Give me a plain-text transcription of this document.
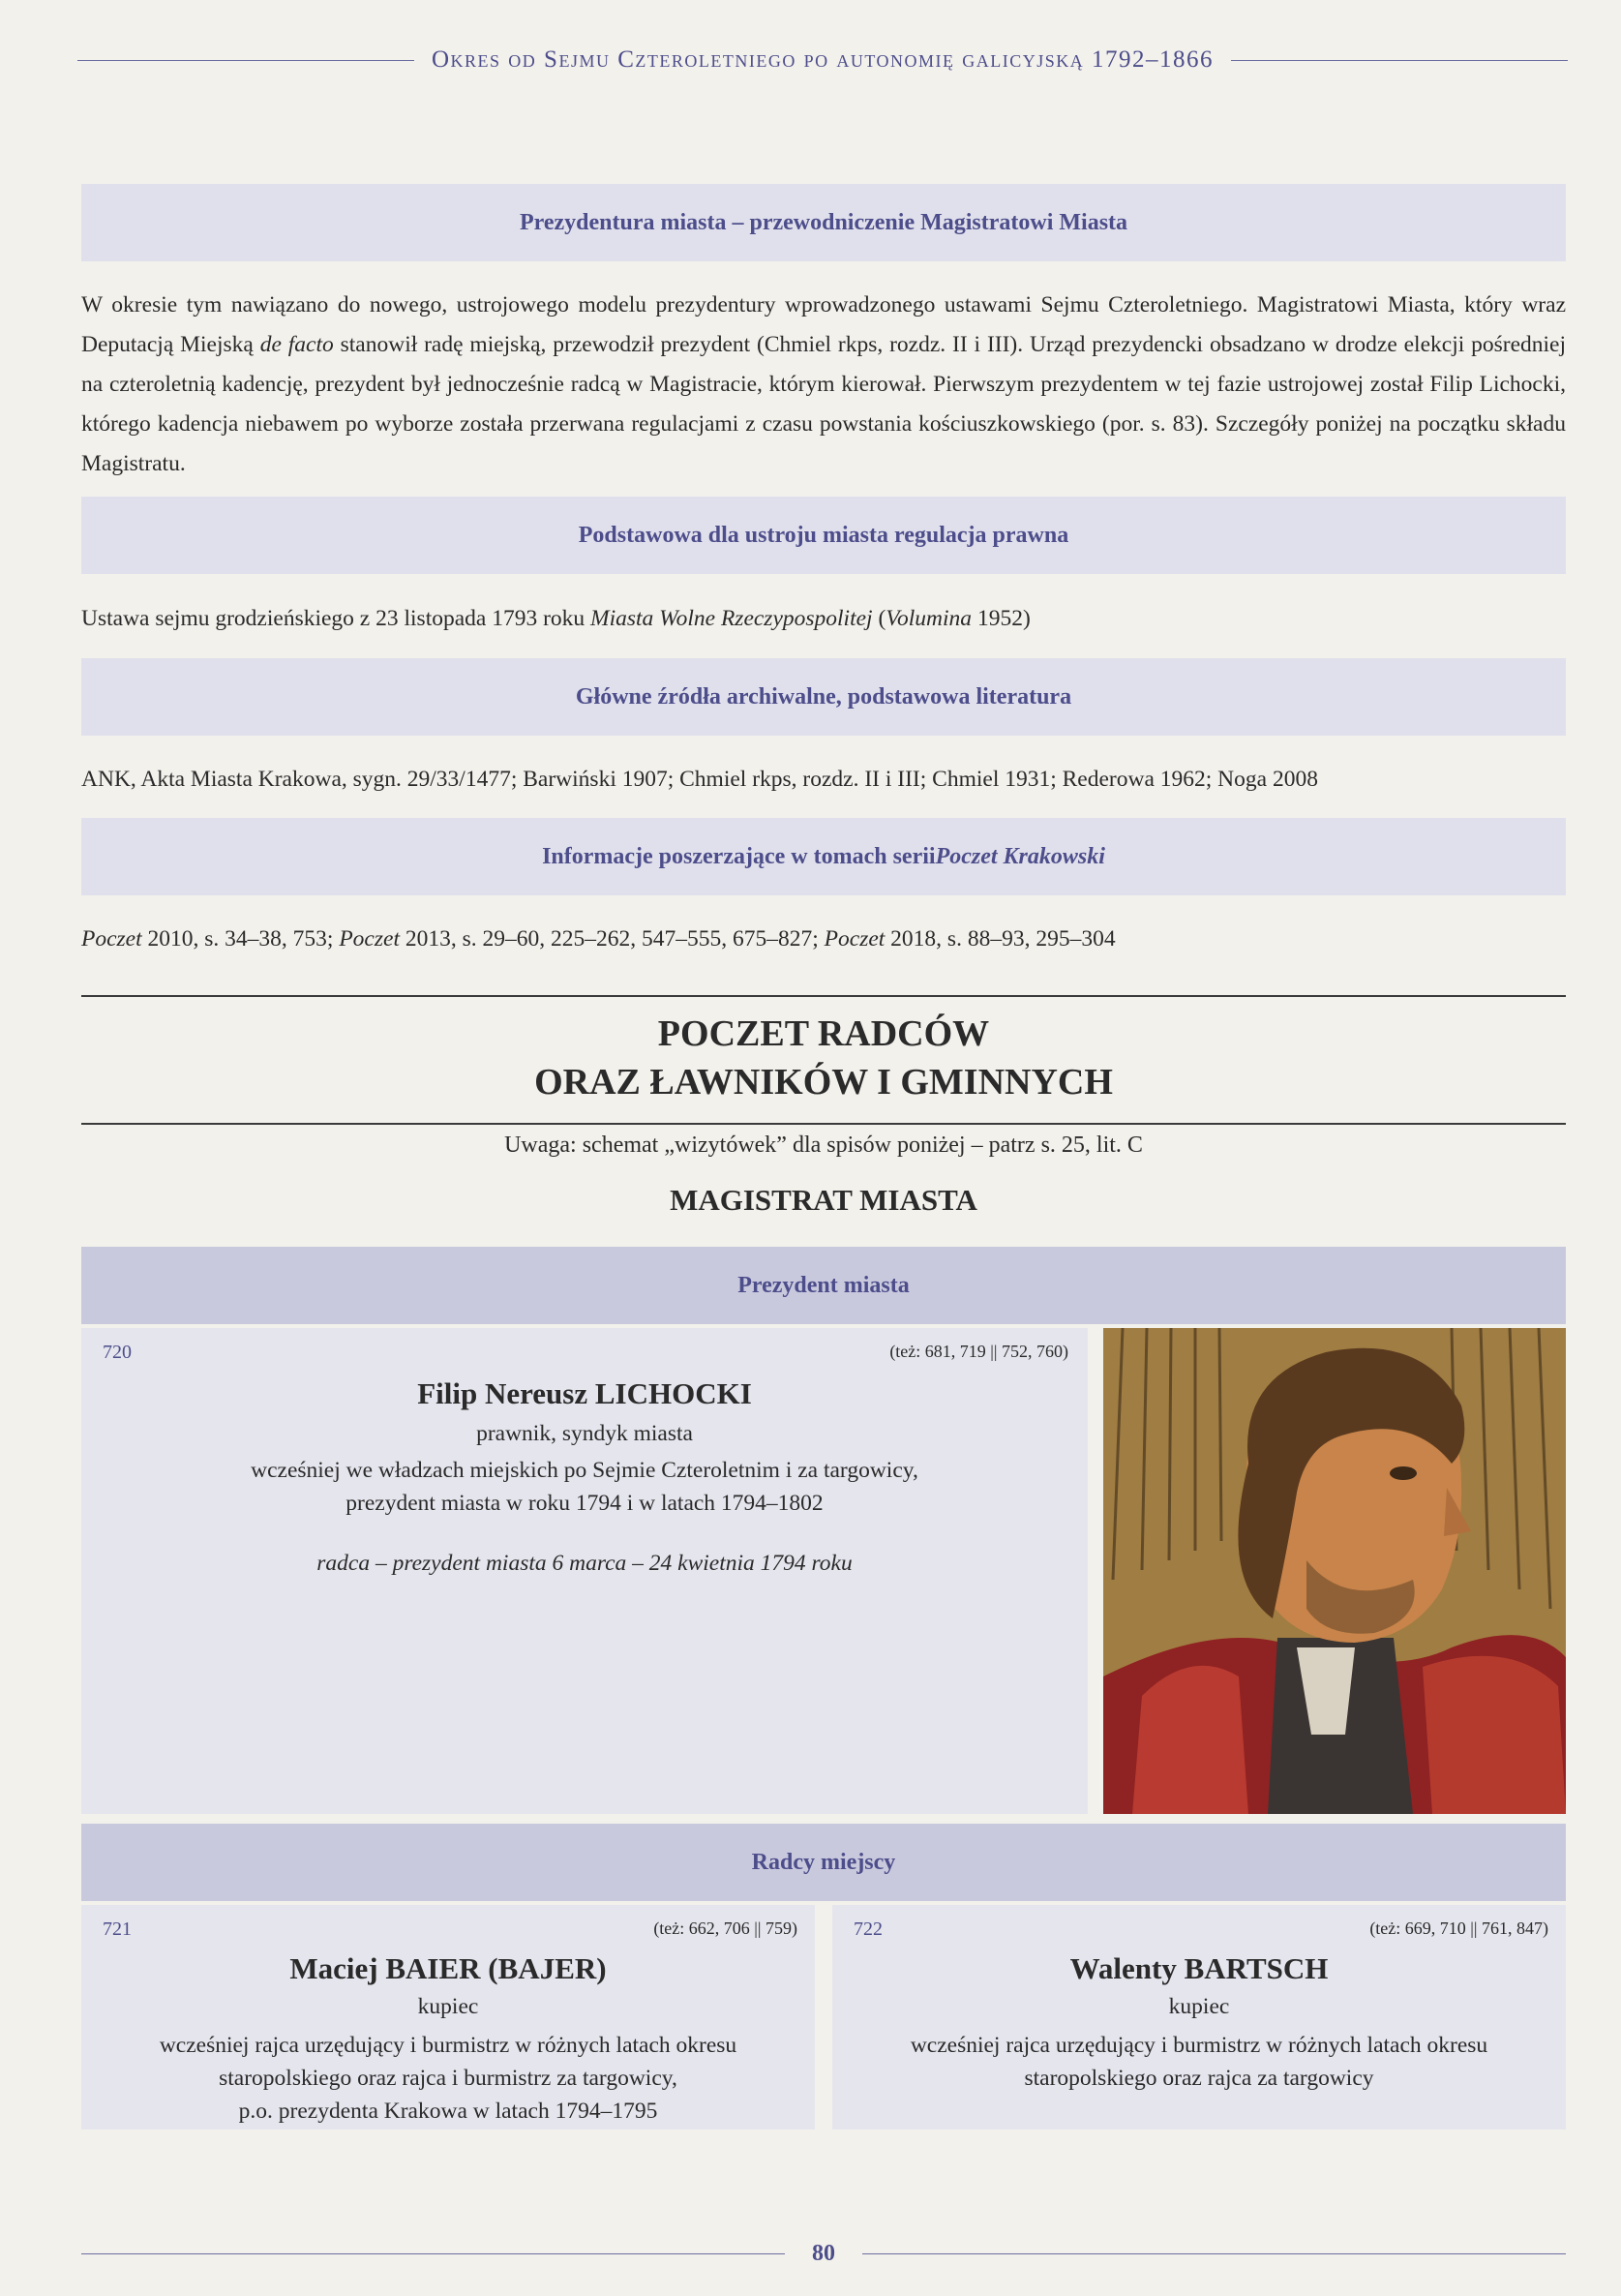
Okres od Sejmu Czteroletniego po autonomię galicyjską 1792–1866
Prezydentura miasta – przewodniczenie Magistratowi Miasta
W okresie tym nawiązano do nowego, ustrojowego modelu prezydentury wprowadzonego ustawami Sejmu Czteroletniego. Magistratowi Miasta, który wraz Deputacją Miejską de facto stanowił radę miejską, przewodził prezydent (Chmiel rkps, rozdz. II i III). Urząd prezydencki obsadzano w drodze elekcji pośredniej na czteroletnią kadencję, prezydent był jednocześnie radcą w Magistracie, którym kierował. Pierwszym prezydentem w tej fazie ustrojowej został Filip Lichocki, którego kadencja niebawem po wyborze została przerwana regulacjami z czasu powstania kościuszkowskiego (por. s. 83). Szczegóły poniżej na początku składu Magistratu.
Podstawowa dla ustroju miasta regulacja prawna
Ustawa sejmu grodzieńskiego z 23 listopada 1793 roku Miasta Wolne Rzeczypospolitej (Volumina 1952)
Główne źródła archiwalne, podstawowa literatura
ANK, Akta Miasta Krakowa, sygn. 29/33/1477; Barwiński 1907; Chmiel rkps, rozdz. II i III; Chmiel 1931; Rederowa 1962; Noga 2008
Informacje poszerzające w tomach serii Poczet Krakowski
Poczet 2010, s. 34–38, 753; Poczet 2013, s. 29–60, 225–262, 547–555, 675–827; Poczet 2018, s. 88–93, 295–304
POCZET RADCÓW
ORAZ ŁAWNIKÓW I GMINNYCH
Uwaga: schemat „wizytówek” dla spisów poniżej – patrz s. 25, lit. C
MAGISTRAT MIASTA
Prezydent miasta
720	(też: 681, 719 || 752, 760)
Filip Nereusz LICHOCKI
prawnik, syndyk miasta
wcześniej we władzach miejskich po Sejmie Czteroletnim i za targowicy,
prezydent miasta w roku 1794 i w latach 1794–1802
radca – prezydent miasta 6 marca – 24 kwietnia 1794 roku
Radcy miejscy
721	(też: 662, 706 || 759)
Maciej BAIER (BAJER)
kupiec
wcześniej rajca urzędujący i burmistrz w różnych latach okresu
staropolskiego oraz rajca i burmistrz za targowicy,
p.o. prezydenta Krakowa w latach 1794–1795
722	(też: 669, 710 || 761, 847)
Walenty BARTSCH
kupiec
wcześniej rajca urzędujący i burmistrz w różnych latach okresu
staropolskiego oraz rajca za targowicy
80
